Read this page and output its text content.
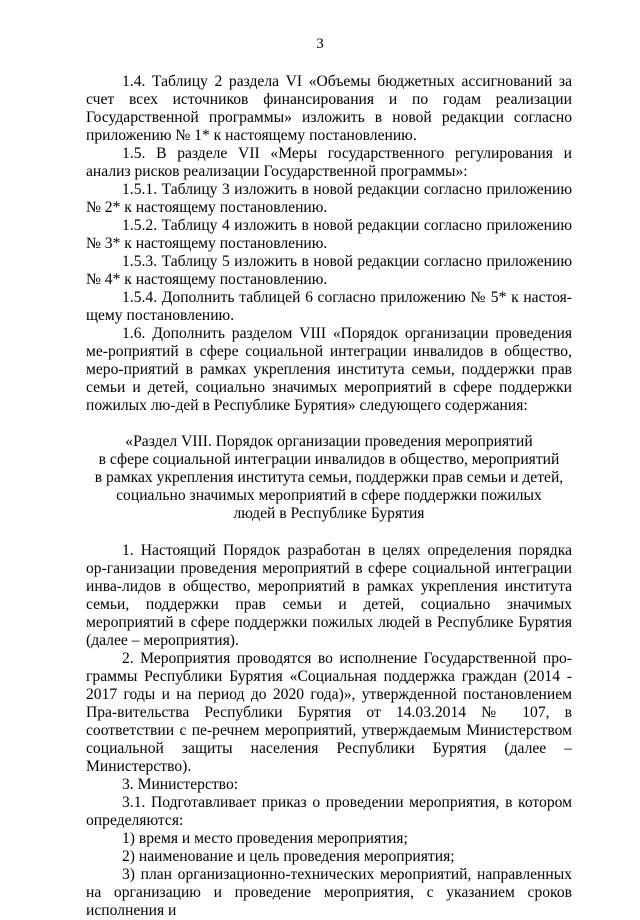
3

1.4. Таблицу 2 раздела VI «Объемы бюджетных ассигнований за счет всех источников финансирования и по годам реализации Государственной программы» изложить в новой редакции согласно приложению № 1* к настоящему постановлению.

1.5. В разделе VII «Меры государственного регулирования и анализ рисков реализации Государственной программы»:

1.5.1. Таблицу 3 изложить в новой редакции согласно приложению № 2* к настоящему постановлению.

1.5.2. Таблицу 4 изложить в новой редакции согласно приложению № 3* к настоящему постановлению.

1.5.3. Таблицу 5 изложить в новой редакции согласно приложению № 4* к настоящему постановлению.

1.5.4. Дополнить таблицей 6 согласно приложению № 5* к настоя-щему постановлению.

1.6. Дополнить разделом VIII «Порядок организации проведения ме-роприятий в сфере социальной интеграции инвалидов в общество, меро-приятий в рамках укрепления института семьи, поддержки прав семьи и детей, социально значимых мероприятий в сфере поддержки пожилых лю-дей в Республике Бурятия» следующего содержания:

«Раздел VIII. Порядок организации проведения мероприятий
в сфере социальной интеграции инвалидов в общество, мероприятий
в рамках укрепления института семьи, поддержки прав семьи и детей,
социально значимых мероприятий в сфере поддержки пожилых
людей в Республике Бурятия

1. Настоящий Порядок разработан в целях определения порядка ор-ганизации проведения мероприятий в сфере социальной интеграции инва-лидов в общество, мероприятий в рамках укрепления института семьи, поддержки прав семьи и детей, социально значимых мероприятий в сфере поддержки пожилых людей в Республике Бурятия (далее – мероприятия).

2. Мероприятия проводятся во исполнение Государственной про-граммы Республики Бурятия «Социальная поддержка граждан (2014 - 2017 годы и на период до 2020 года)», утвержденной постановлением Пра-вительства Республики Бурятия от 14.03.2014 № 107, в соответствии с пе-речнем мероприятий, утверждаемым Министерством социальной защиты населения Республики Бурятия (далее – Министерство).

3. Министерство:

3.1. Подготавливает приказ о проведении мероприятия, в котором определяются:

1) время и место проведения мероприятия;

2) наименование и цель проведения мероприятия;

3) план организационно-технических мероприятий, направленных на организацию и проведение мероприятия, с указанием сроков исполнения и
